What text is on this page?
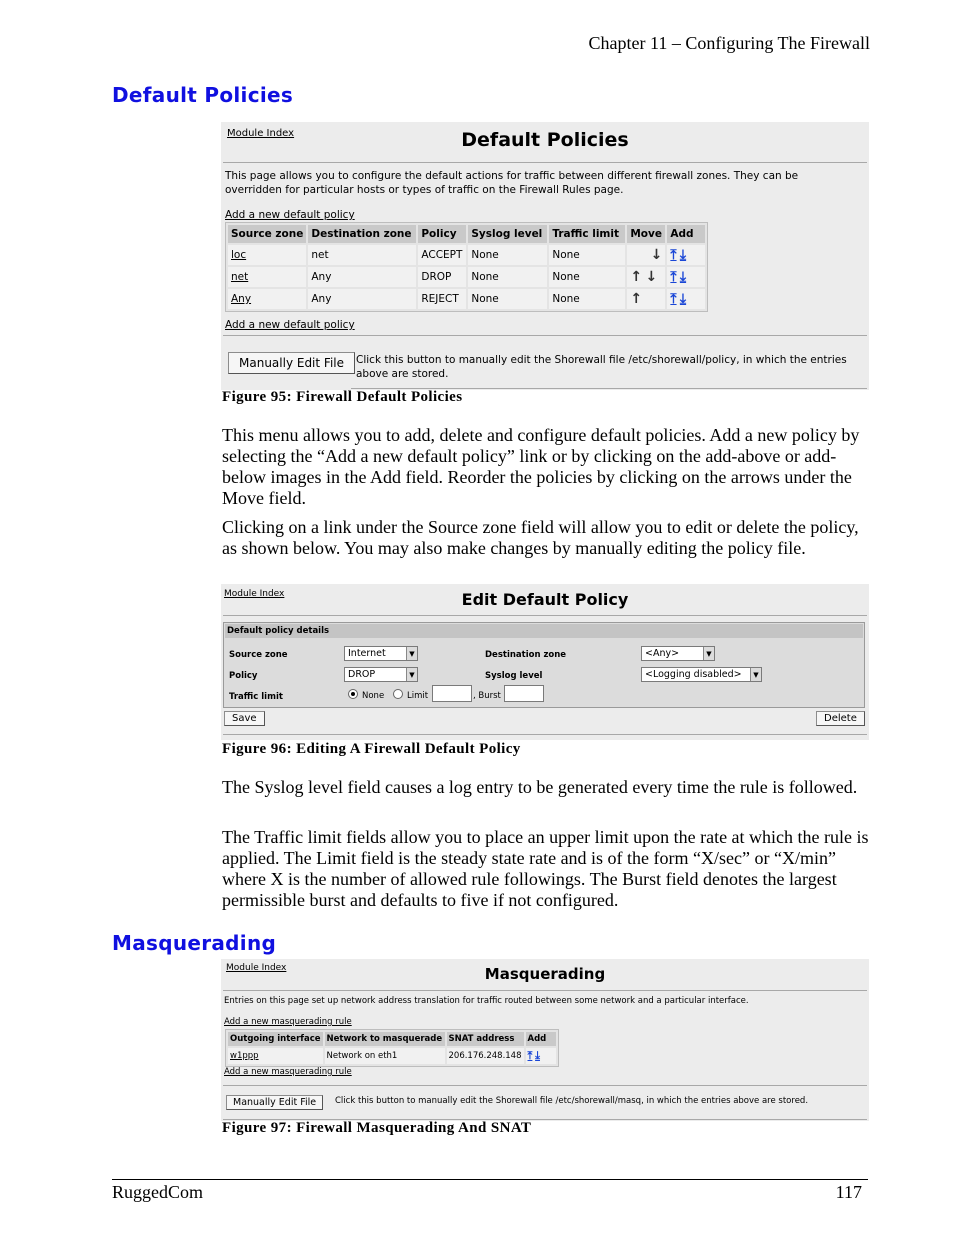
Chapter 11 – Configuring The Firewall
Default Policies
Module Index	Default Policies
This page allows you to configure the default actions for traffic between different firewall zones. They can be overridden for particular hosts or types of traffic on the Firewall Rules page.
Add a new default policy
Source zone	Destination zone	Policy	Syslog level	Traffic limit	Move	Add
loc	net	ACCEPT	None	None	↓	⤒ ⤓
net	Any	DROP	None	None	↑ ↓	⤒ ⤓
Any	Any	REJECT	None	None	↑	⤒ ⤓
Add a new default policy
Manually Edit File	Click this button to manually edit the Shorewall file /etc/shorewall/policy, in which the entries above are stored.
Figure 95: Firewall Default Policies
This menu allows you to add, delete and configure default policies. Add a new policy by selecting the “Add a new default policy” link or by clicking on the add-above or add-below images in the Add field. Reorder the policies by clicking on the arrows under the Move field.
Clicking on a link under the Source zone field will allow you to edit or delete the policy, as shown below. You may also make changes by manually editing the policy file.
Module Index	Edit Default Policy
Default policy details
Source zone	Internet	▼	Destination zone	<Any>	▼
Policy	DROP	▼	Syslog level	<Logging disabled>	▼
Traffic limit	None	Limit	, Burst
Save	Delete
Figure 96: Editing A Firewall Default Policy
The Syslog level field causes a log entry to be generated every time the rule is followed.
The Traffic limit fields allow you to place an upper limit upon the rate at which the rule is applied. The Limit field is the steady state rate and is of the form “X/sec” or “X/min” where X is the number of allowed rule followings. The Burst field denotes the largest permissible burst and defaults to five if not configured.
Masquerading
Module Index	Masquerading
Entries on this page set up network address translation for traffic routed between some network and a particular interface.
Add a new masquerading rule
Outgoing interface	Network to masquerade	SNAT address	Add
w1ppp	Network on eth1	206.176.248.148	⤒ ⤓
Add a new masquerading rule
Manually Edit File	Click this button to manually edit the Shorewall file /etc/shorewall/masq, in which the entries above are stored.
Figure 97: Firewall Masquerading And SNAT
RuggedCom	117
